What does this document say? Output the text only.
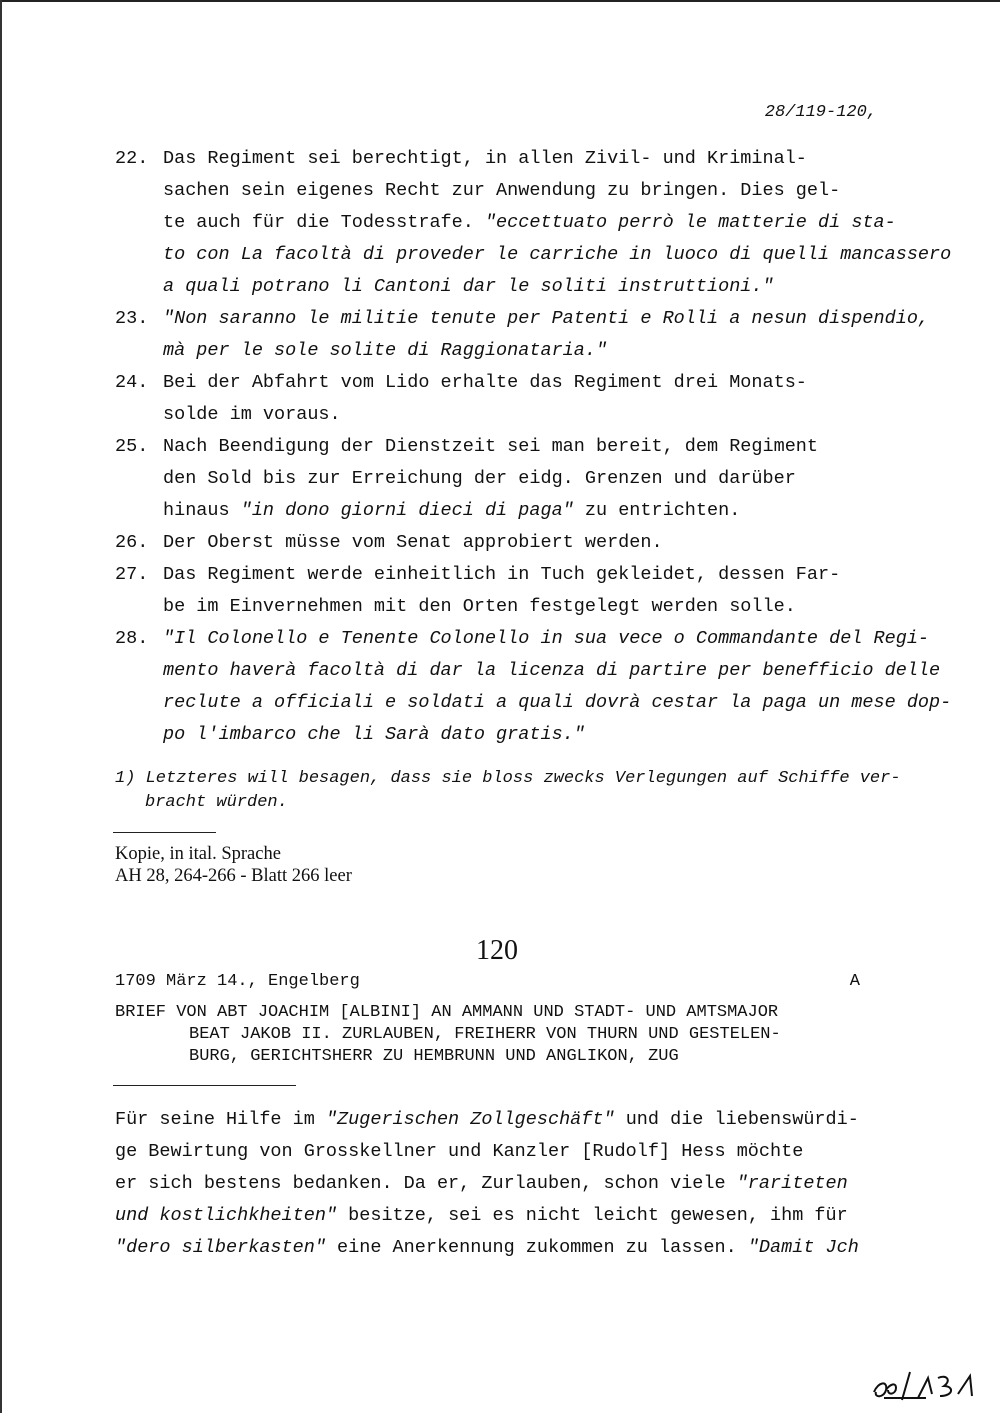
28/119-120,
22. Das Regiment sei berechtigt, in allen Zivil- und Kriminal-
sachen sein eigenes Recht zur Anwendung zu bringen. Dies gel-
te auch für die Todesstrafe. "eccettuato perrò le matterie di sta-
to con La facoltà di proveder le carriche in luoco di quelli mancassero
a quali potrano li Cantoni dar le soliti instruttioni."
23. "Non saranno le militie tenute per Patenti e Rolli a nesun dispendio,
mà per le sole solite di Raggionataria."
24. Bei der Abfahrt vom Lido erhalte das Regiment drei Monats-
solde im voraus.
25. Nach Beendigung der Dienstzeit sei man bereit, dem Regiment
den Sold bis zur Erreichung der eidg. Grenzen und darüber
hinaus "in dono giorni dieci di paga" zu entrichten.
26. Der Oberst müsse vom Senat approbiert werden.
27. Das Regiment werde einheitlich in Tuch gekleidet, dessen Far-
be im Einvernehmen mit den Orten festgelegt werden solle.
28. "Il Colonello e Tenente Colonello in sua vece o Commandante del Regi-
mento haverà facoltà di dar la licenza di partire per benefficio delle
reclute a officiali e soldati a quali dovrà cestar la paga un mese dop-
po l'imbarco che li Sarà dato gratis."
1) Letzteres will besagen, dass sie bloss zwecks Verlegungen auf Schiffe ver-
bracht würden.
Kopie, in ital. Sprache
AH 28, 264-266 - Blatt 266 leer
120
1709 März 14., Engelberg	A
BRIEF VON ABT JOACHIM [ALBINI] AN AMMANN UND STADT- UND AMTSMAJOR
BEAT JAKOB II. ZURLAUBEN, FREIHERR VON THURN UND GESTELEN-
BURG, GERICHTSHERR ZU HEMBRUNN UND ANGLIKON, ZUG
Für seine Hilfe im "Zugerischen Zollgeschäft" und die liebenswürdi-
ge Bewirtung von Grosskellner und Kanzler [Rudolf] Hess möchte
er sich bestens bedanken. Da er, Zurlauben, schon viele "rariteten
und kostlichkheiten" besitze, sei es nicht leicht gewesen, ihm für
"dero silberkasten" eine Anerkennung zukommen zu lassen. "Damit Jch
